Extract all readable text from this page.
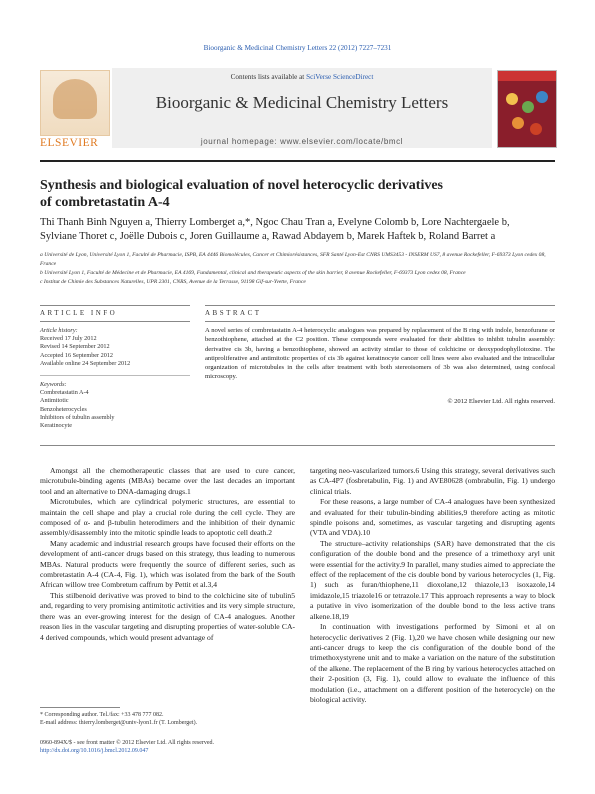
Bioorganic & Medicinal Chemistry Letters 22 (2012) 7227–7231
ELSEVIER
Contents lists available at SciVerse ScienceDirect
Bioorganic & Medicinal Chemistry Letters
journal homepage: www.elsevier.com/locate/bmcl
Synthesis and biological evaluation of novel heterocyclic derivatives
of combretastatin A-4
Thi Thanh Binh Nguyen a, Thierry Lomberget a,*, Ngoc Chau Tran a, Evelyne Colomb b, Lore Nachtergaele b,
Sylviane Thoret c, Joëlle Dubois c, Joren Guillaume a, Rawad Abdayem b, Marek Haftek b, Roland Barret a
a Université de Lyon, Université Lyon 1, Faculté de Pharmacie, ISPB, EA 4446 Biomolécules, Cancer et Chimiorésistances, SFR Santé Lyon-Est CNRS UMS3453 - INSERM US7, 8 avenue Rockefeller, F-69373 Lyon cedex 08, France
b Université Lyon 1, Faculté de Médecine et de Pharmacie, EA 4169, Fundamental, clinical and therapeutic aspects of the skin barrier, 8 avenue Rockefeller, F-69373 Lyon cedex 08, France
c Institut de Chimie des Substances Naturelles, UPR 2301, CNRS, Avenue de la Terrasse, 91198 Gif-sur-Yvette, France
ARTICLE INFO	ABSTRACT
Article history:
Received 17 July 2012
Revised 14 September 2012
Accepted 16 September 2012
Available online 24 September 2012
Keywords:
Combretastatin A-4
Antimitotic
Benzoheterocycles
Inhibitors of tubulin assembly
Keratinocyte
A novel series of combretastatin A-4 heterocyclic analogues was prepared by replacement of the B ring with indole, benzofurane or benzothiophene, attached at the C2 position. These compounds were evaluated for their abilities to inhibit tubulin assembly: derivative cis 3b, having a benzothiophene, showed an activity similar to those of colchicine or deoxypodophyllotoxine. The antiproliferative and antimitotic properties of cis 3b against keratinocyte cancer cell lines were also evaluated and the intracellular organization of microtubules in the cells after treatment with both stereoisomers of 3b was also determined, using confocal microscopy.
© 2012 Elsevier Ltd. All rights reserved.

Amongst all the chemotherapeutic classes that are used to cure cancer, microtubule-binding agents (MBAs) became over the last decades an important tool and an alternative to DNA-damaging drugs.1

Microtubules, which are cylindrical polymeric structures, are essential to maintain the cell shape and play a crucial role during the cell cycle. They are composed of α- and β-tubulin heterodimers and the inhibition of their dynamic assembly/disassembly into the mitotic spindle leads to apoptotic cell death.2

Many academic and industrial research groups have focused their efforts on the development of anti-cancer drugs based on this strategy, thus leading to numerous MBAs. Natural products were frequently the source of different series, such as combretastatin A-4 (CA-4, Fig. 1), which was isolated from the bark of the South African willow tree Combretum caffrum by Pettit et al.3,4

This stilbenoid derivative was proved to bind to the colchicine site of tubulin5 and, regarding to very promising antimitotic activities and its very simple structure, there was an ever-growing interest for the design of CA-4 analogues. Another reason lies in the vascular targeting and disrupting properties of water-soluble CA-4 derived compounds, which would present advantage of

targeting neo-vascularized tumors.6 Using this strategy, several derivatives such as CA-4P7 (fosbretabulin, Fig. 1) and AVE80628 (ombrabulin, Fig. 1) undergo clinical trials.

For these reasons, a large number of CA-4 analogues have been synthesized and evaluated for their tubulin-binding abilities,9 therefore acting as mitotic spindle poisons and, sometimes, as vascular targeting and disrupting agents (VTA and VDA).10

The structure–activity relationships (SAR) have demonstrated that the cis configuration of the double bond and the presence of a trimethoxy aryl unit were essential for the activity.9 In parallel, many studies aimed to appreciate the effect of the replacement of the cis double bond by various heterocycles (1, Fig. 1) such as furan/thiophene,11 dioxolane,12 thiazole,13 isoxazole,14 imidazole,15 triazole16 or tetrazole.17 This approach represents a way to block a putative in vivo isomerization of the double bond to the less active trans alkene.18,19

In continuation with investigations performed by Simoni et al on heterocyclic derivatives 2 (Fig. 1),20 we have chosen while designing our new anti-cancer drugs to keep the cis configuration of the double bond of the trimethoxystyrene unit and to make a variation on the nature of the substitution of the alkene. The replacement of the B ring by various heterocycles attached on their 2-position (3, Fig. 1), could allow to evaluate the influence of this modulation (i.e., attachment on a different position of the heterocycle) on the biological activity.

* Corresponding author. Tel./fax: +33 478 777 082.
E-mail address: thierry.lomberget@univ-lyon1.fr (T. Lomberget).
0960-894X/$ - see front matter © 2012 Elsevier Ltd. All rights reserved.
http://dx.doi.org/10.1016/j.bmcl.2012.09.047
